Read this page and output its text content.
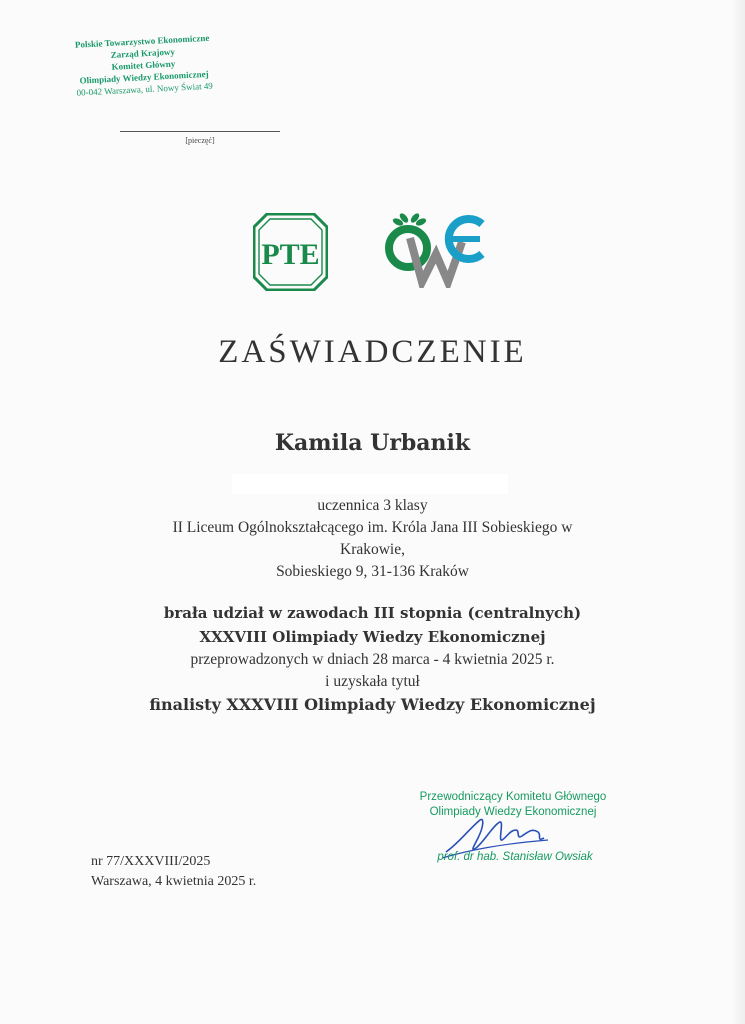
Polskie Towarzystwo Ekonomiczne
Zarząd Krajowy
Komitet Główny
Olimpiady Wiedzy Ekonomicznej
00-042 Warszawa, ul. Nowy Świat 49
[pieczęć]
PTE
ZAŚWIADCZENIE
Kamila Urbanik
uczennica 3 klasy
II Liceum Ogólnokształcącego im. Króla Jana III Sobieskiego w
Krakowie,
Sobieskiego 9, 31-136 Kraków
brała udział w zawodach III stopnia (centralnych)
XXXVIII Olimpiady Wiedzy Ekonomicznej
przeprowadzonych w dniach 28 marca - 4 kwietnia 2025 r.
i uzyskała tytuł
finalisty XXXVIII Olimpiady Wiedzy Ekonomicznej
Przewodniczący Komitetu Głównego
Olimpiady Wiedzy Ekonomicznej
prof. dr hab. Stanisław Owsiak
nr 77/XXXVIII/2025
Warszawa, 4 kwietnia 2025 r.
